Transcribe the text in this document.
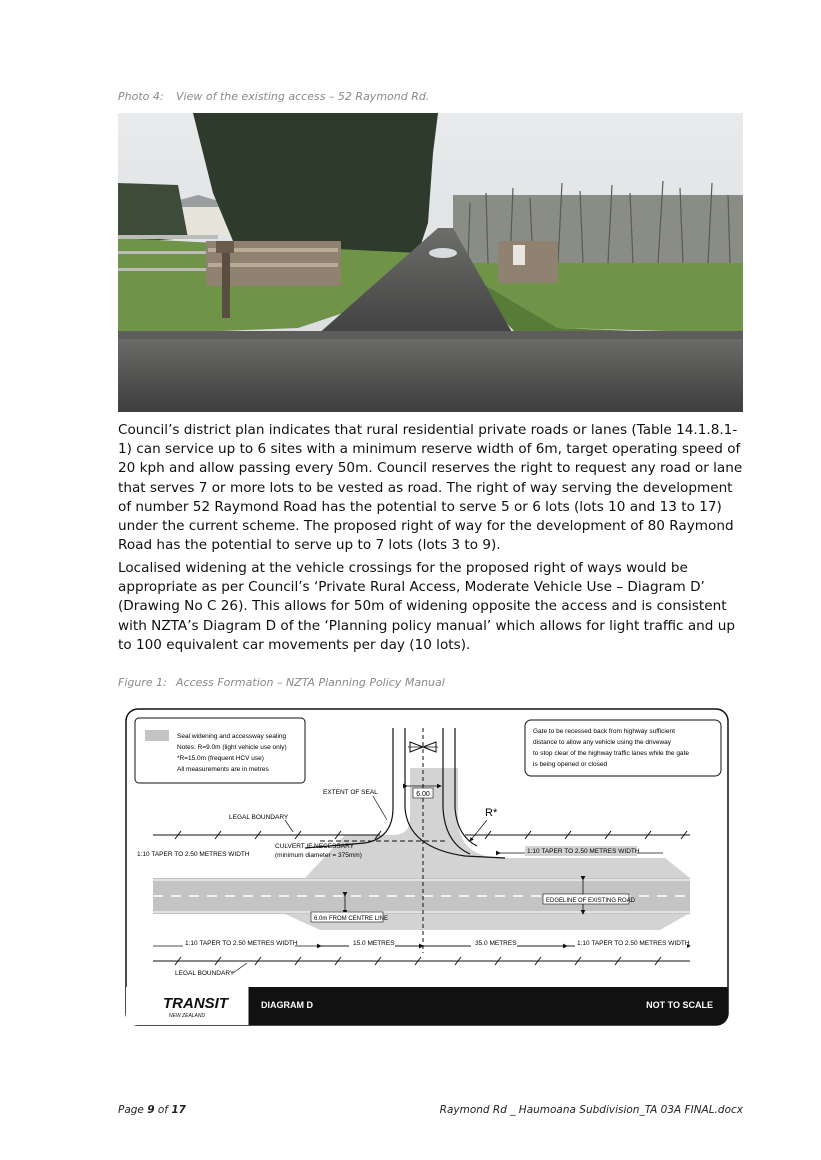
Photo 4: View of the existing access – 52 Raymond Rd.

Council’s district plan indicates that rural residential private roads or lanes (Table 14.1.8.1-1) can service up to 6 sites with a minimum reserve width of 6m, target operating speed of 20 kph and allow passing every 50m. Council reserves the right to request any road or lane that serves 7 or more lots to be vested as road. The right of way serving the development of number 52 Raymond Road has the potential to serve 5 or 6 lots (lots 10 and 13 to 17) under the current scheme. The proposed right of way for the development of 80 Raymond Road has the potential to serve up to 7 lots (lots 3 to 9).

Localised widening at the vehicle crossings for the proposed right of ways would be appropriate as per Council’s ‘Private Rural Access, Moderate Vehicle Use – Diagram D’ (Drawing No C 26). This allows for 50m of widening opposite the access and is consistent with NZTA’s Diagram D of the ‘Planning policy manual’ which allows for light traffic and up to 100 equivalent car movements per day (10 lots).

Figure 1: Access Formation – NZTA Planning Policy Manual
6.00
Seal widening and accessway sealing
Notes: R=9.0m (light vehicle use only)
*R=15.0m (frequent HCV use)
All measurements are in metres
Gate to be recessed back from highway sufficient
distance to allow any vehicle using the driveway
to stop clear of the highway traffic lanes while the gate
is being opened or closed
EXTENT OF SEAL
LEGAL BOUNDARY	R*
CULVERT IF NECESSARY
(minimum diameter = 375mm)
1:10 TAPER TO 2.50 METRES WIDTH	1:10 TAPER TO 2.50 METRES WIDTH
EDGELINE OF EXISTING ROAD
6.0m FROM CENTRE LINE
1:10 TAPER TO 2.50 METRES WIDTH	15.0 METRES	35.0 METRES	1:10 TAPER TO 2.50 METRES WIDTH
LEGAL BOUNDARY
TRANSIT
NEW ZEALAND
DIAGRAM D	NOT TO SCALE
Page 9 of 17	Raymond Rd _ Haumoana Subdivision_TA 03A FINAL.docx
